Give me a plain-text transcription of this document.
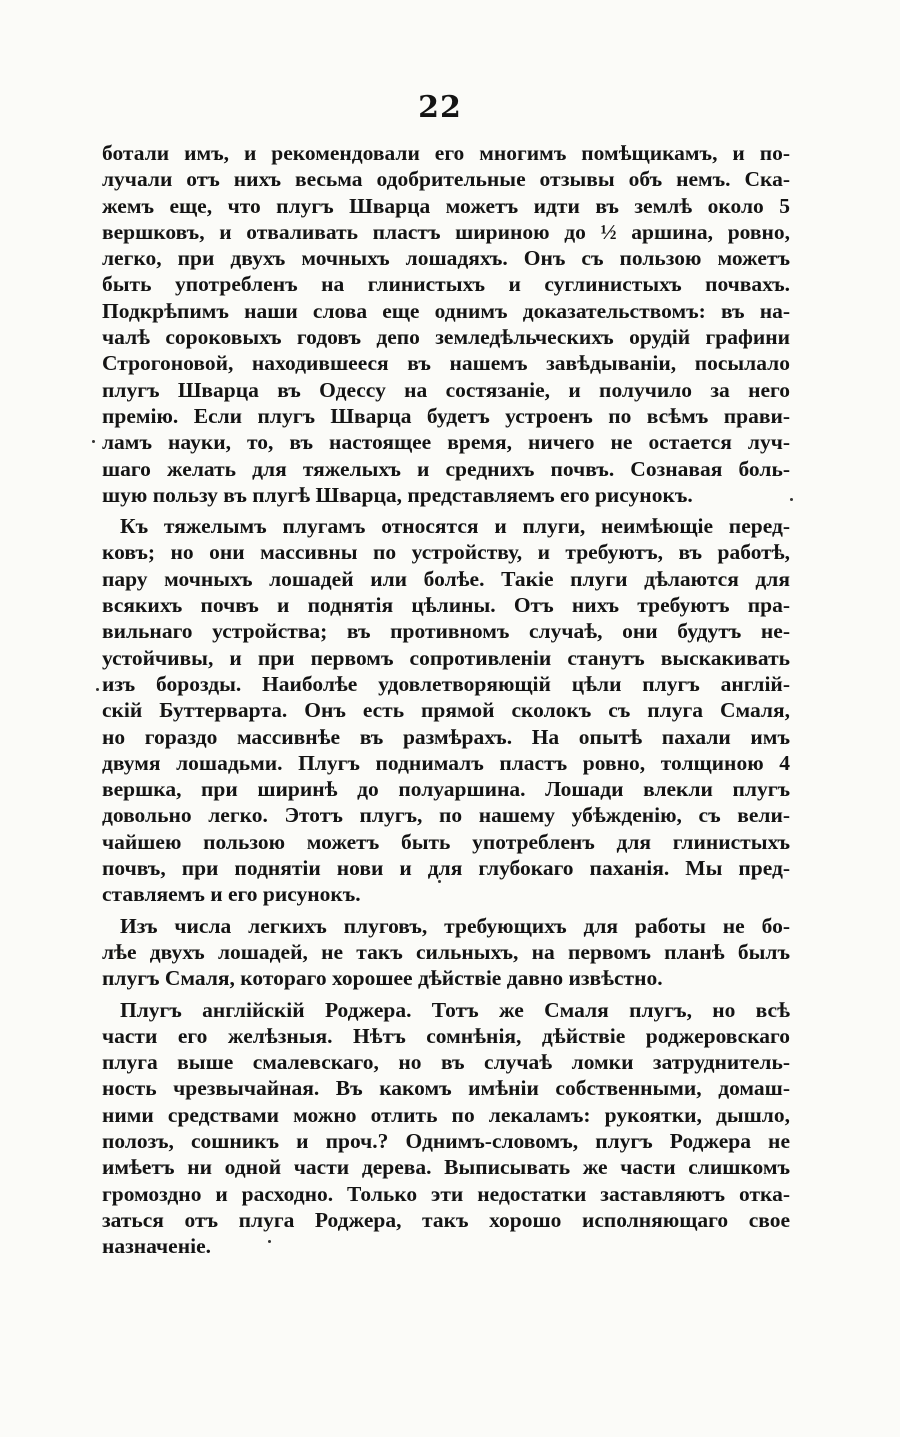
22
ботали имъ, и рекомендовали его многимъ помѣщикамъ, и по-
лучали отъ нихъ весьма одобрительные отзывы объ немъ. Ска-
жемъ еще, что плугъ Шварца можетъ идти въ землѣ около 5
вершковъ, и отваливать пластъ шириною до ½ аршина, ровно,
легко, при двухъ мочныхъ лошадяхъ. Онъ съ пользою можетъ
быть употребленъ на глинистыхъ и суглинистыхъ почвахъ.
Подкрѣпимъ наши слова еще однимъ доказательствомъ: въ на-
чалѣ сороковыхъ годовъ депо земледѣльческихъ орудій графини
Строгоновой, находившееся въ нашемъ завѣдываніи, посылало
плугъ Шварца въ Одессу на состязаніе, и получило за него
премію. Если плугъ Шварца будетъ устроенъ по всѣмъ прави-
ламъ науки, то, въ настоящее время, ничего не остается луч-
шаго желать для тяжелыхъ и среднихъ почвъ. Сознавая боль-
шую пользу въ плугѣ Шварца, представляемъ его рисунокъ.
Къ тяжелымъ плугамъ относятся и плуги, неимѣющіе перед-
ковъ; но они массивны по устройству, и требуютъ, въ работѣ,
пару мочныхъ лошадей или болѣе. Такіе плуги дѣлаются для
всякихъ почвъ и поднятія цѣлины. Отъ нихъ требуютъ пра-
вильнаго устройства; въ противномъ случаѣ, они будутъ не-
устойчивы, и при первомъ сопротивленіи станутъ выскакивать
изъ борозды. Наиболѣе удовлетворяющій цѣли плугъ англій-
скій Буттерварта. Онъ есть прямой сколокъ съ плуга Смаля,
но гораздо массивнѣе въ размѣрахъ. На опытѣ пахали имъ
двумя лошадьми. Плугъ поднималъ пластъ ровно, толщиною 4
вершка, при ширинѣ до полуаршина. Лошади влекли плугъ
довольно легко. Этотъ плугъ, по нашему убѣжденію, съ вели-
чайшею пользою можетъ быть употребленъ для глинистыхъ
почвъ, при поднятіи нови и для глубокаго паханія. Мы пред-
ставляемъ и его рисунокъ.
Изъ числа легкихъ плуговъ, требующихъ для работы не бо-
лѣе двухъ лошадей, не такъ сильныхъ, на первомъ планѣ былъ
плугъ Смаля, котораго хорошее дѣйствіе давно извѣстно.
Плугъ англійскій Роджера. Тотъ же Смаля плугъ, но всѣ
части его желѣзныя. Нѣтъ сомнѣнія, дѣйствіе роджеровскаго
плуга выше смалевскаго, но въ случаѣ ломки затруднитель-
ность чрезвычайная. Въ какомъ имѣніи собственными, домаш-
ними средствами можно отлить по лекаламъ: рукоятки, дышло,
полозъ, сошникъ и проч.? Однимъ-словомъ, плугъ Роджера не
имѣетъ ни одной части дерева. Выписывать же части слишкомъ
громоздно и расходно. Только эти недостатки заставляютъ отка-
заться отъ плуга Роджера, такъ хорошо исполняющаго свое
назначеніе.
